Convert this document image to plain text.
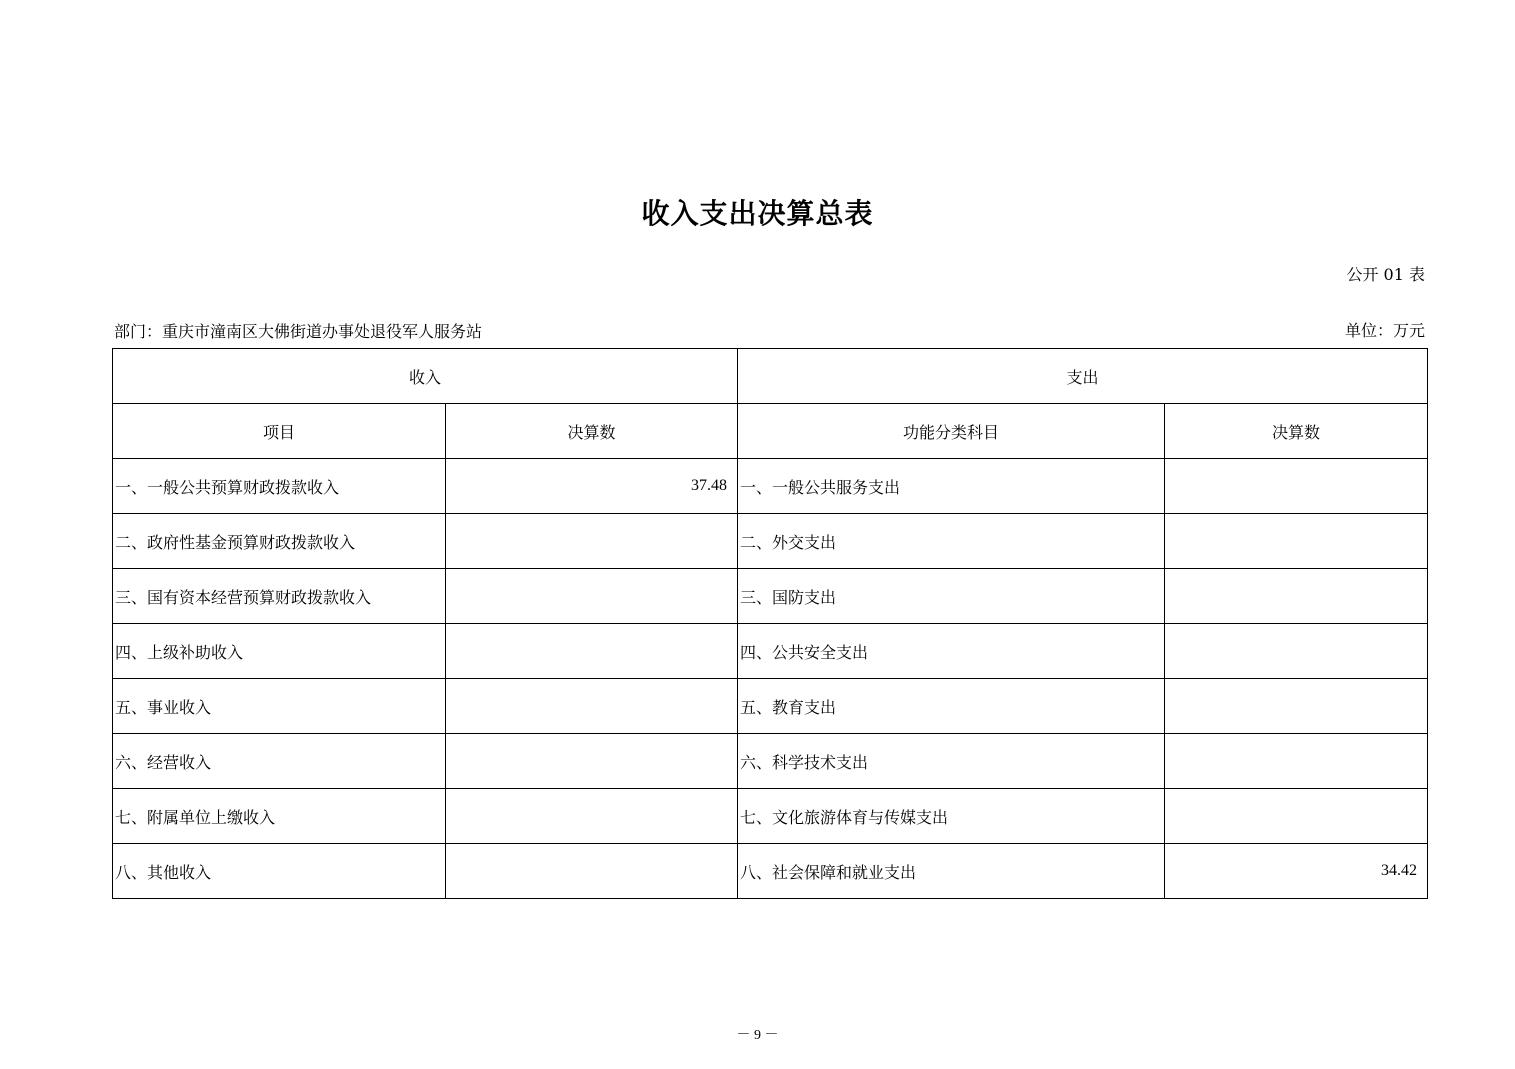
收入支出决算总表
公开 01 表
部门：重庆市潼南区大佛街道办事处退役军人服务站	单位：万元
收入		支出	
项目	决算数	功能分类科目	决算数
一、一般公共预算财政拨款收入	37.48	一、一般公共服务支出	
二、政府性基金预算财政拨款收入		二、外交支出	
三、国有资本经营预算财政拨款收入		三、国防支出	
四、上级补助收入		四、公共安全支出	
五、事业收入		五、教育支出	
六、经营收入		六、科学技术支出	
七、附属单位上缴收入		七、文化旅游体育与传媒支出	
八、其他收入		八、社会保障和就业支出	34.42
－ 9 －
